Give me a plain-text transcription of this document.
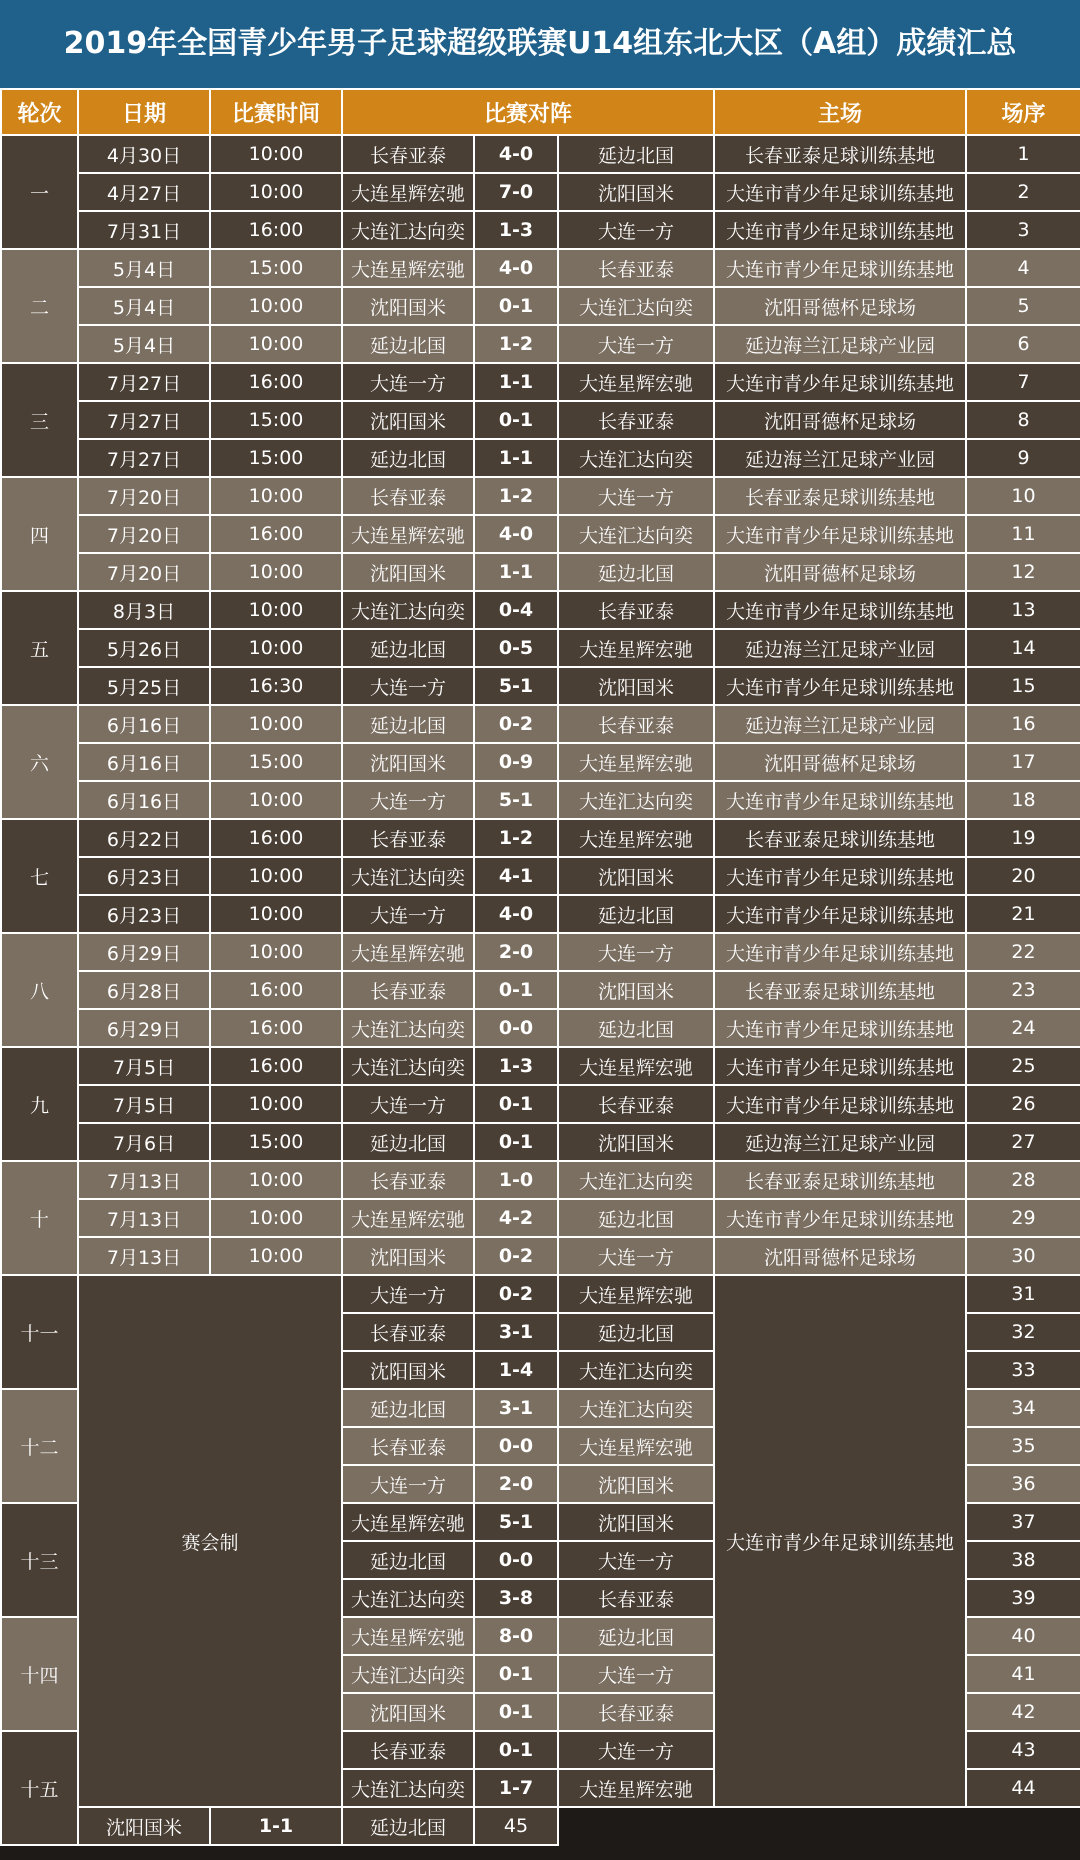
2019年全国青少年男子足球超级联赛U14组东北大区（A组）成绩汇总
轮次	日期	比赛时间	比赛对阵			主场	场序
一	4月30日	10:00	长春亚泰	4-0	延边北国	长春亚泰足球训练基地	1
	4月27日	10:00	大连星辉宏驰	7-0	沈阳国米	大连市青少年足球训练基地	2
	7月31日	16:00	大连汇达向奕	1-3	大连一方	大连市青少年足球训练基地	3
二	5月4日	15:00	大连星辉宏驰	4-0	长春亚泰	大连市青少年足球训练基地	4
	5月4日	10:00	沈阳国米	0-1	大连汇达向奕	沈阳哥德杯足球场	5
	5月4日	10:00	延边北国	1-2	大连一方	延边海兰江足球产业园	6
三	7月27日	16:00	大连一方	1-1	大连星辉宏驰	大连市青少年足球训练基地	7
	7月27日	15:00	沈阳国米	0-1	长春亚泰	沈阳哥德杯足球场	8
	7月27日	15:00	延边北国	1-1	大连汇达向奕	延边海兰江足球产业园	9
四	7月20日	10:00	长春亚泰	1-2	大连一方	长春亚泰足球训练基地	10
	7月20日	16:00	大连星辉宏驰	4-0	大连汇达向奕	大连市青少年足球训练基地	11
	7月20日	10:00	沈阳国米	1-1	延边北国	沈阳哥德杯足球场	12
五	8月3日	10:00	大连汇达向奕	0-4	长春亚泰	大连市青少年足球训练基地	13
	5月26日	10:00	延边北国	0-5	大连星辉宏驰	延边海兰江足球产业园	14
	5月25日	16:30	大连一方	5-1	沈阳国米	大连市青少年足球训练基地	15
六	6月16日	10:00	延边北国	0-2	长春亚泰	延边海兰江足球产业园	16
	6月16日	15:00	沈阳国米	0-9	大连星辉宏驰	沈阳哥德杯足球场	17
	6月16日	10:00	大连一方	5-1	大连汇达向奕	大连市青少年足球训练基地	18
七	6月22日	16:00	长春亚泰	1-2	大连星辉宏驰	长春亚泰足球训练基地	19
	6月23日	10:00	大连汇达向奕	4-1	沈阳国米	大连市青少年足球训练基地	20
	6月23日	10:00	大连一方	4-0	延边北国	大连市青少年足球训练基地	21
八	6月29日	10:00	大连星辉宏驰	2-0	大连一方	大连市青少年足球训练基地	22
	6月28日	16:00	长春亚泰	0-1	沈阳国米	长春亚泰足球训练基地	23
	6月29日	16:00	大连汇达向奕	0-0	延边北国	大连市青少年足球训练基地	24
九	7月5日	16:00	大连汇达向奕	1-3	大连星辉宏驰	大连市青少年足球训练基地	25
	7月5日	10:00	大连一方	0-1	长春亚泰	大连市青少年足球训练基地	26
	7月6日	15:00	延边北国	0-1	沈阳国米	延边海兰江足球产业园	27
十	7月13日	10:00	长春亚泰	1-0	大连汇达向奕	长春亚泰足球训练基地	28
	7月13日	10:00	大连星辉宏驰	4-2	延边北国	大连市青少年足球训练基地	29
	7月13日	10:00	沈阳国米	0-2	大连一方	沈阳哥德杯足球场	30
十一	赛会制		大连一方	0-2	大连星辉宏驰	大连市青少年足球训练基地	31
			长春亚泰	3-1	延边北国		32
			沈阳国米	1-4	大连汇达向奕		33
十二			延边北国	3-1	大连汇达向奕		34
			长春亚泰	0-0	大连星辉宏驰		35
			大连一方	2-0	沈阳国米		36
十三			大连星辉宏驰	5-1	沈阳国米		37
			延边北国	0-0	大连一方		38
			大连汇达向奕	3-8	长春亚泰		39
十四			大连星辉宏驰	8-0	延边北国		40
			大连汇达向奕	0-1	大连一方		41
			沈阳国米	0-1	长春亚泰		42
十五			长春亚泰	0-1	大连一方		43
			大连汇达向奕	1-7	大连星辉宏驰		44
	沈阳国米	1-1	延边北国	45			
